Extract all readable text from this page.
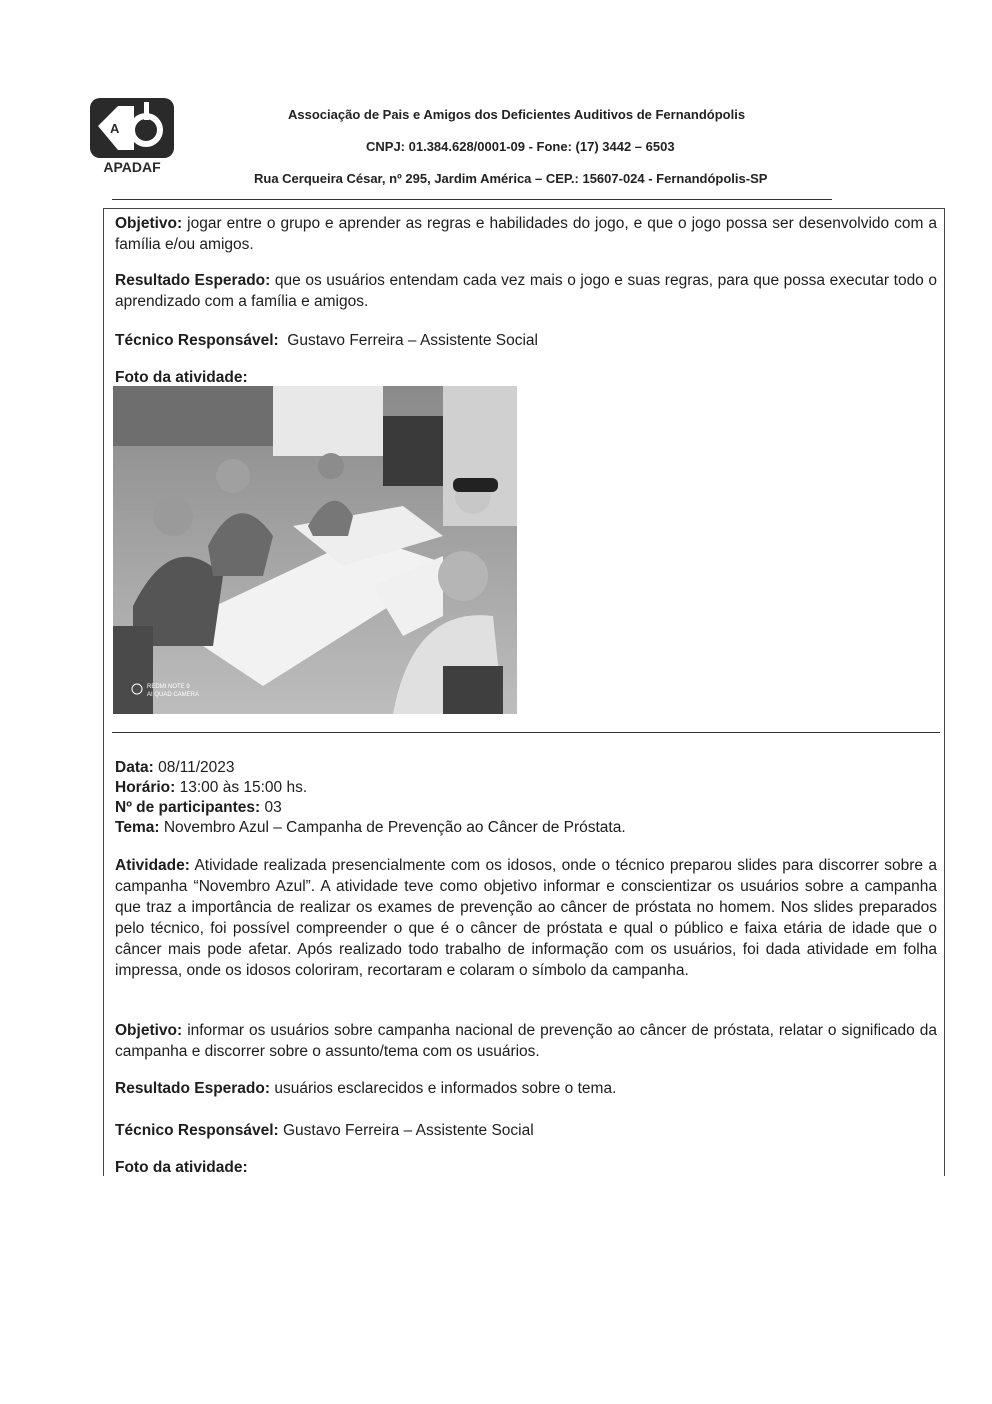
A
APADAF
Associação de Pais e Amigos dos Deficientes Auditivos de Fernandópolis
CNPJ: 01.384.628/0001-09 - Fone: (17) 3442 – 6503
Rua Cerqueira César, nº 295, Jardim América – CEP.: 15607-024 - Fernandópolis-SP
Objetivo: jogar entre o grupo e aprender as regras e habilidades do jogo, e que o jogo possa ser desenvolvido com a família e/ou amigos.
Resultado Esperado: que os usuários entendam cada vez mais o jogo e suas regras, para que possa executar todo o aprendizado com a família e amigos.
Técnico Responsável: Gustavo Ferreira – Assistente Social
Foto da atividade:
REDMI NOTE 9
AI QUAD CAMERA
Data: 08/11/2023
Horário: 13:00 às 15:00 hs.
Nº de participantes: 03
Tema: Novembro Azul – Campanha de Prevenção ao Câncer de Próstata.
Atividade: Atividade realizada presencialmente com os idosos, onde o técnico preparou slides para discorrer sobre a campanha “Novembro Azul”. A atividade teve como objetivo informar e conscientizar os usuários sobre a campanha que traz a importância de realizar os exames de prevenção ao câncer de próstata no homem. Nos slides preparados pelo técnico, foi possível compreender o que é o câncer de próstata e qual o público e faixa etária de idade que o câncer mais pode afetar. Após realizado todo trabalho de informação com os usuários, foi dada atividade em folha impressa, onde os idosos coloriram, recortaram e colaram o símbolo da campanha.
Objetivo: informar os usuários sobre campanha nacional de prevenção ao câncer de próstata, relatar o significado da campanha e discorrer sobre o assunto/tema com os usuários.
Resultado Esperado: usuários esclarecidos e informados sobre o tema.
Técnico Responsável: Gustavo Ferreira – Assistente Social
Foto da atividade:
